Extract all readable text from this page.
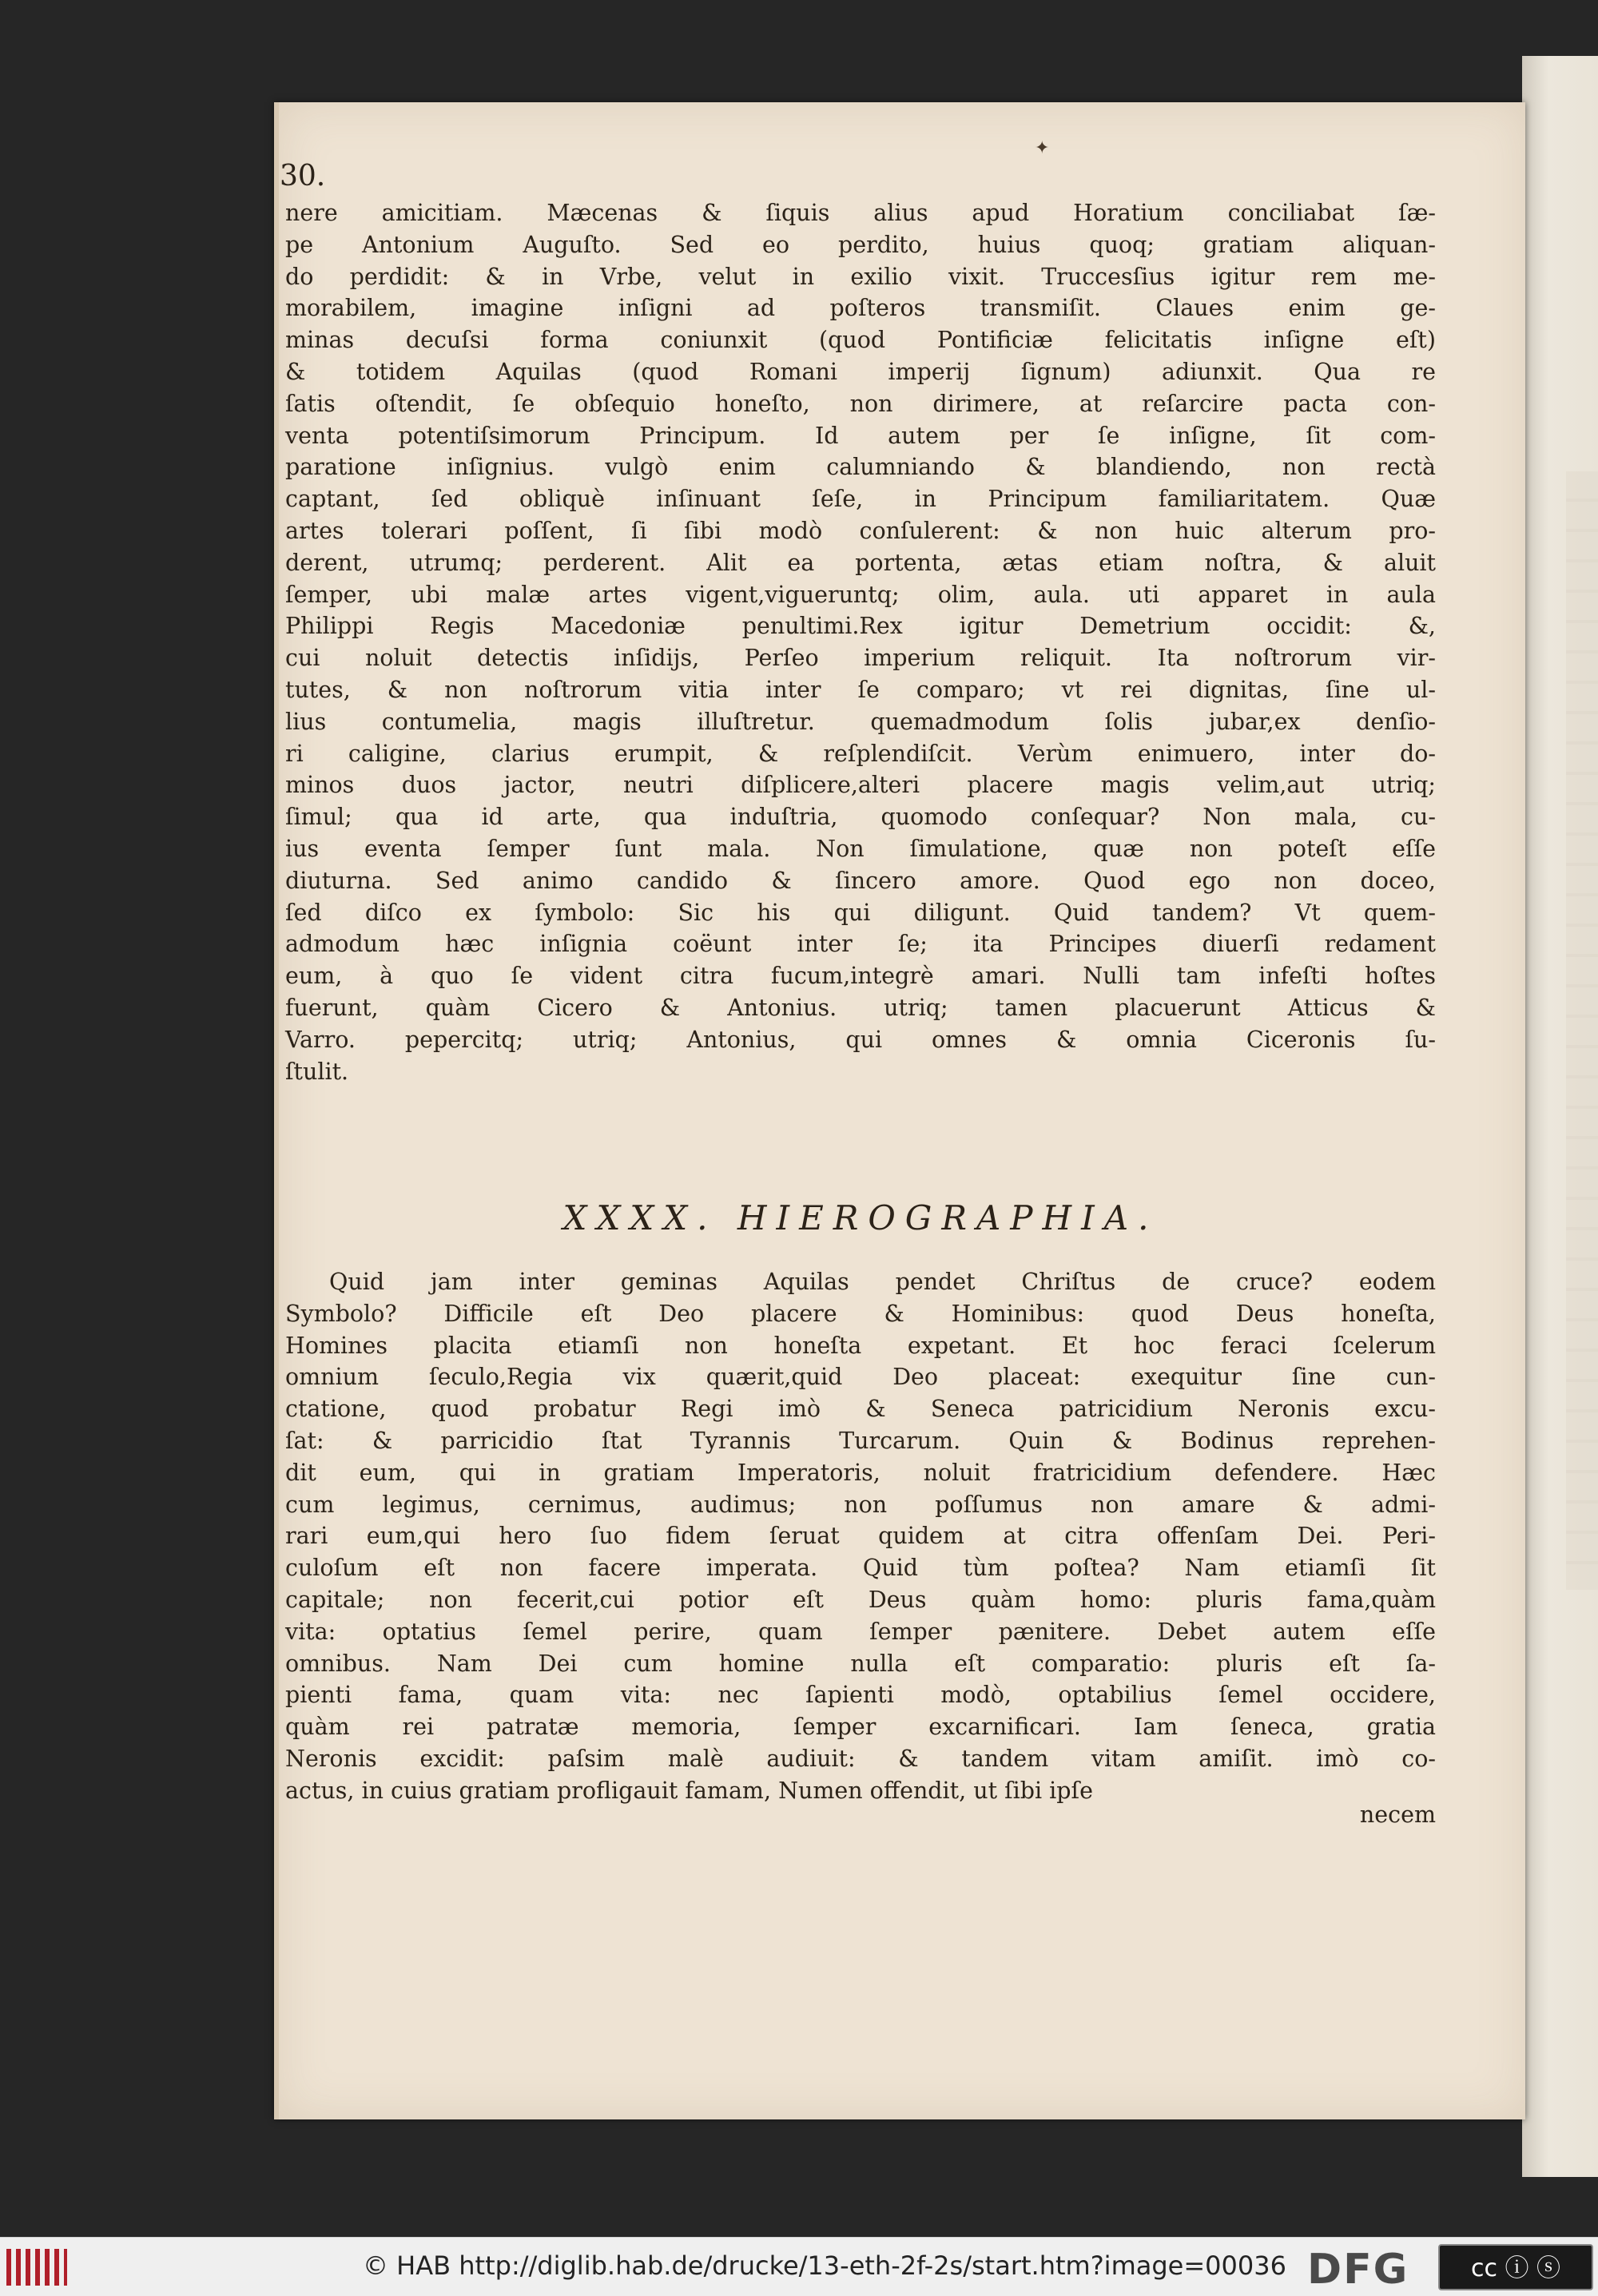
✦
30.

nere amicitiam. Mæcenas & ſiquis alius apud Horatium conciliabat ſæ-

pe Antonium Auguſto. Sed eo perdito, huius quoq; gratiam aliquan-

do perdidit: & in Vrbe, velut in exilio vixit. Truccesſius igitur rem me-

morabilem, imagine inſigni ad poſteros transmiſit. Claues enim ge-

minas decuſsi forma coniunxit (quod Pontificiæ felicitatis inſigne eſt)

& totidem Aquilas (quod Romani imperij ſignum) adiunxit. Qua re

ſatis oſtendit, ſe obſequio honeſto, non dirimere, at reſarcire pacta con-

venta potentiſsimorum Principum. Id autem per ſe inſigne, ſit com-

paratione inſignius. vulgò enim calumniando & blandiendo, non rectà

captant, ſed obliquè inſinuant ſeſe, in Principum familiaritatem. Quæ

artes tolerari poſſent, ſi ſibi modò conſulerent: & non huic alterum pro-

derent, utrumq; perderent. Alit ea portenta, ætas etiam noſtra, & aluit

ſemper, ubi malæ artes vigent,vigueruntq; olim, aula. uti apparet in aula

Philippi Regis Macedoniæ penultimi.Rex igitur Demetrium occidit: &,

cui noluit detectis inſidijs, Perſeo imperium reliquit. Ita noſtrorum vir-

tutes, & non noſtrorum vitia inter ſe comparo; vt rei dignitas, ſine ul-

lius contumelia, magis illuſtretur. quemadmodum ſolis jubar,ex denſio-

ri caligine, clarius erumpit, & reſplendiſcit. Verùm enimuero, inter do-

minos duos jactor, neutri diſplicere,alteri placere magis velim,aut utriq;

ſimul; qua id arte, qua induſtria, quomodo conſequar? Non mala, cu-

ius eventa ſemper ſunt mala. Non ſimulatione, quæ non poteſt eſſe

diuturna. Sed animo candido & ſincero amore. Quod ego non doceo,

ſed diſco ex ſymbolo: Sic his qui diligunt. Quid tandem? Vt quem-

admodum hæc inſignia coëunt inter ſe; ita Principes diuerſi redament

eum, à quo ſe vident citra fucum,integrè amari. Nulli tam infeſti hoſtes

fuerunt, quàm Cicero & Antonius. utriq; tamen placuerunt Atticus &

Varro. pepercitq; utriq; Antonius, qui omnes & omnia Ciceronis ſu-

ſtulit.

XXXX. HIEROGRAPHIA.

Quid jam inter geminas Aquilas pendet Chriſtus de cruce? eodem

Symbolo? Difficile eſt Deo placere & Hominibus: quod Deus honeſta,

Homines placita etiamſi non honeſta expetant. Et hoc feraci ſcelerum

omnium ſeculo,Regia vix quærit,quid Deo placeat: exequitur ſine cun-

ctatione, quod probatur Regi imò & Seneca patricidium Neronis excu-

ſat: & parricidio ſtat Tyrannis Turcarum. Quin & Bodinus reprehen-

dit eum, qui in gratiam Imperatoris, noluit fratricidium defendere. Hæc

cum legimus, cernimus, audimus; non poſſumus non amare & admi-

rari eum,qui hero ſuo fidem ſeruat quidem at citra offenſam Dei. Peri-

culoſum eſt non facere imperata. Quid tùm poſtea? Nam etiamſi ſit

capitale; non fecerit,cui potior eſt Deus quàm homo: pluris fama,quàm

vita: optatius ſemel perire, quam ſemper pænitere. Debet autem eſſe

omnibus. Nam Dei cum homine nulla eſt comparatio: pluris eſt ſa-

pienti fama, quam vita: nec ſapienti modò, optabilius ſemel occidere,

quàm rei patratæ memoria, ſemper excarnificari. Iam ſeneca, gratia

Neronis excidit: paſsim malè audiuit: & tandem vitam amiſit. imò co-

actus, in cuius gratiam profligauit famam, Numen offendit, ut ſibi ipſe

necem
© HAB http://diglib.hab.de/drucke/13-eth-2f-2s/start.htm?image=00036 DFG	cc ⓘ ⓢ
